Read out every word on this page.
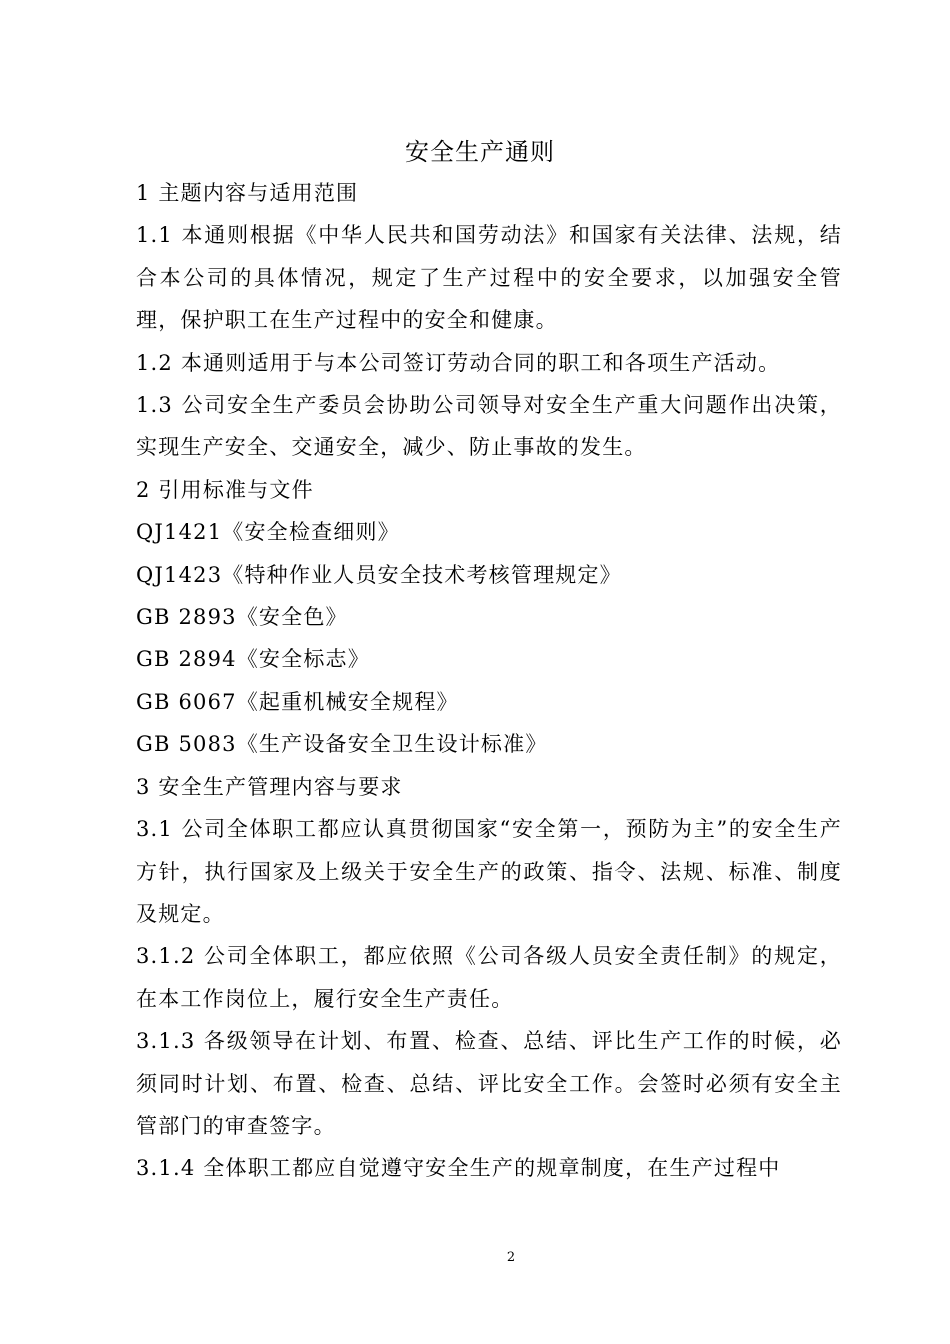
安全生产通则

1 主题内容与适用范围

1.1 本通则根据《中华人民共和国劳动法》和国家有关法律、法规，结合本公司的具体情况，规定了生产过程中的安全要求，以加强安全管理，保护职工在生产过程中的安全和健康。

1.2 本通则适用于与本公司签订劳动合同的职工和各项生产活动。

1.3 公司安全生产委员会协助公司领导对安全生产重大问题作出决策，实现生产安全、交通安全，减少、防止事故的发生。

2 引用标准与文件

QJ1421《安全检查细则》

QJ1423《特种作业人员安全技术考核管理规定》

GB 2893《安全色》

GB 2894《安全标志》

GB 6067《起重机械安全规程》

GB 5083《生产设备安全卫生设计标准》

3 安全生产管理内容与要求

3.1 公司全体职工都应认真贯彻国家“安全第一，预防为主”的安全生产方针，执行国家及上级关于安全生产的政策、指令、法规、标准、制度及规定。

3.1.2 公司全体职工，都应依照《公司各级人员安全责任制》的规定，在本工作岗位上，履行安全生产责任。

3.1.3 各级领导在计划、布置、检查、总结、评比生产工作的时候，必须同时计划、布置、检查、总结、评比安全工作。会签时必须有安全主管部门的审查签字。

3.1.4 全体职工都应自觉遵守安全生产的规章制度，在生产过程中

2
